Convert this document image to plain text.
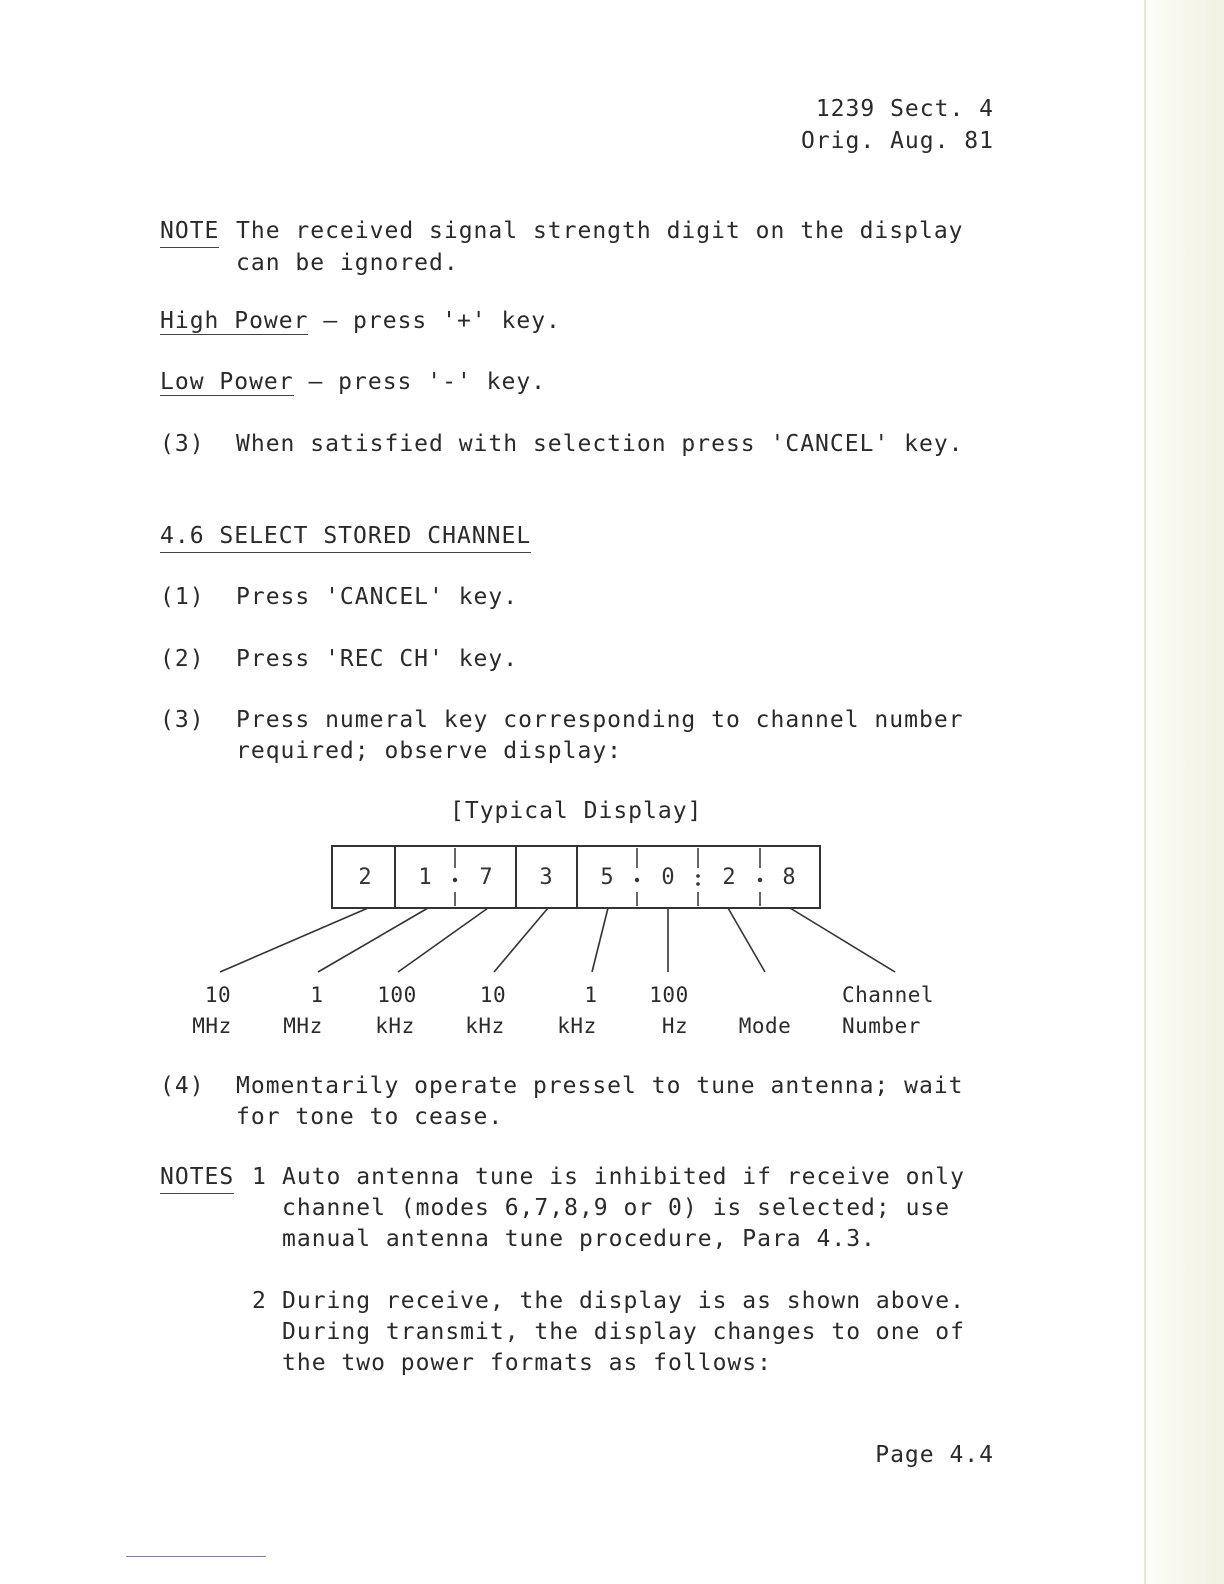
1239 Sect. 4
Orig. Aug. 81
NOTE The received signal strength digit on the display
can be ignored.
High Power — press '+' key.
Low Power — press '-' key.
(3) When satisfied with selection press 'CANCEL' key.
4.6 SELECT STORED CHANNEL
(1) Press 'CANCEL' key.
(2) Press 'REC CH' key.
(3) Press numeral key corresponding to channel number
required; observe display:
[Typical Display]
2 1 7 3 5 0 2 8
10
MHz
1
MHz
100
kHz
10
kHz
1
kHz
100
Hz	Mode
Channel
Number
(4) Momentarily operate pressel to tune antenna; wait
for tone to cease.
NOTES 1 Auto antenna tune is inhibited if receive only
channel (modes 6,7,8,9 or 0) is selected; use
manual antenna tune procedure, Para 4.3.
2 During receive, the display is as shown above.
During transmit, the display changes to one of
the two power formats as follows:
Page 4.4
